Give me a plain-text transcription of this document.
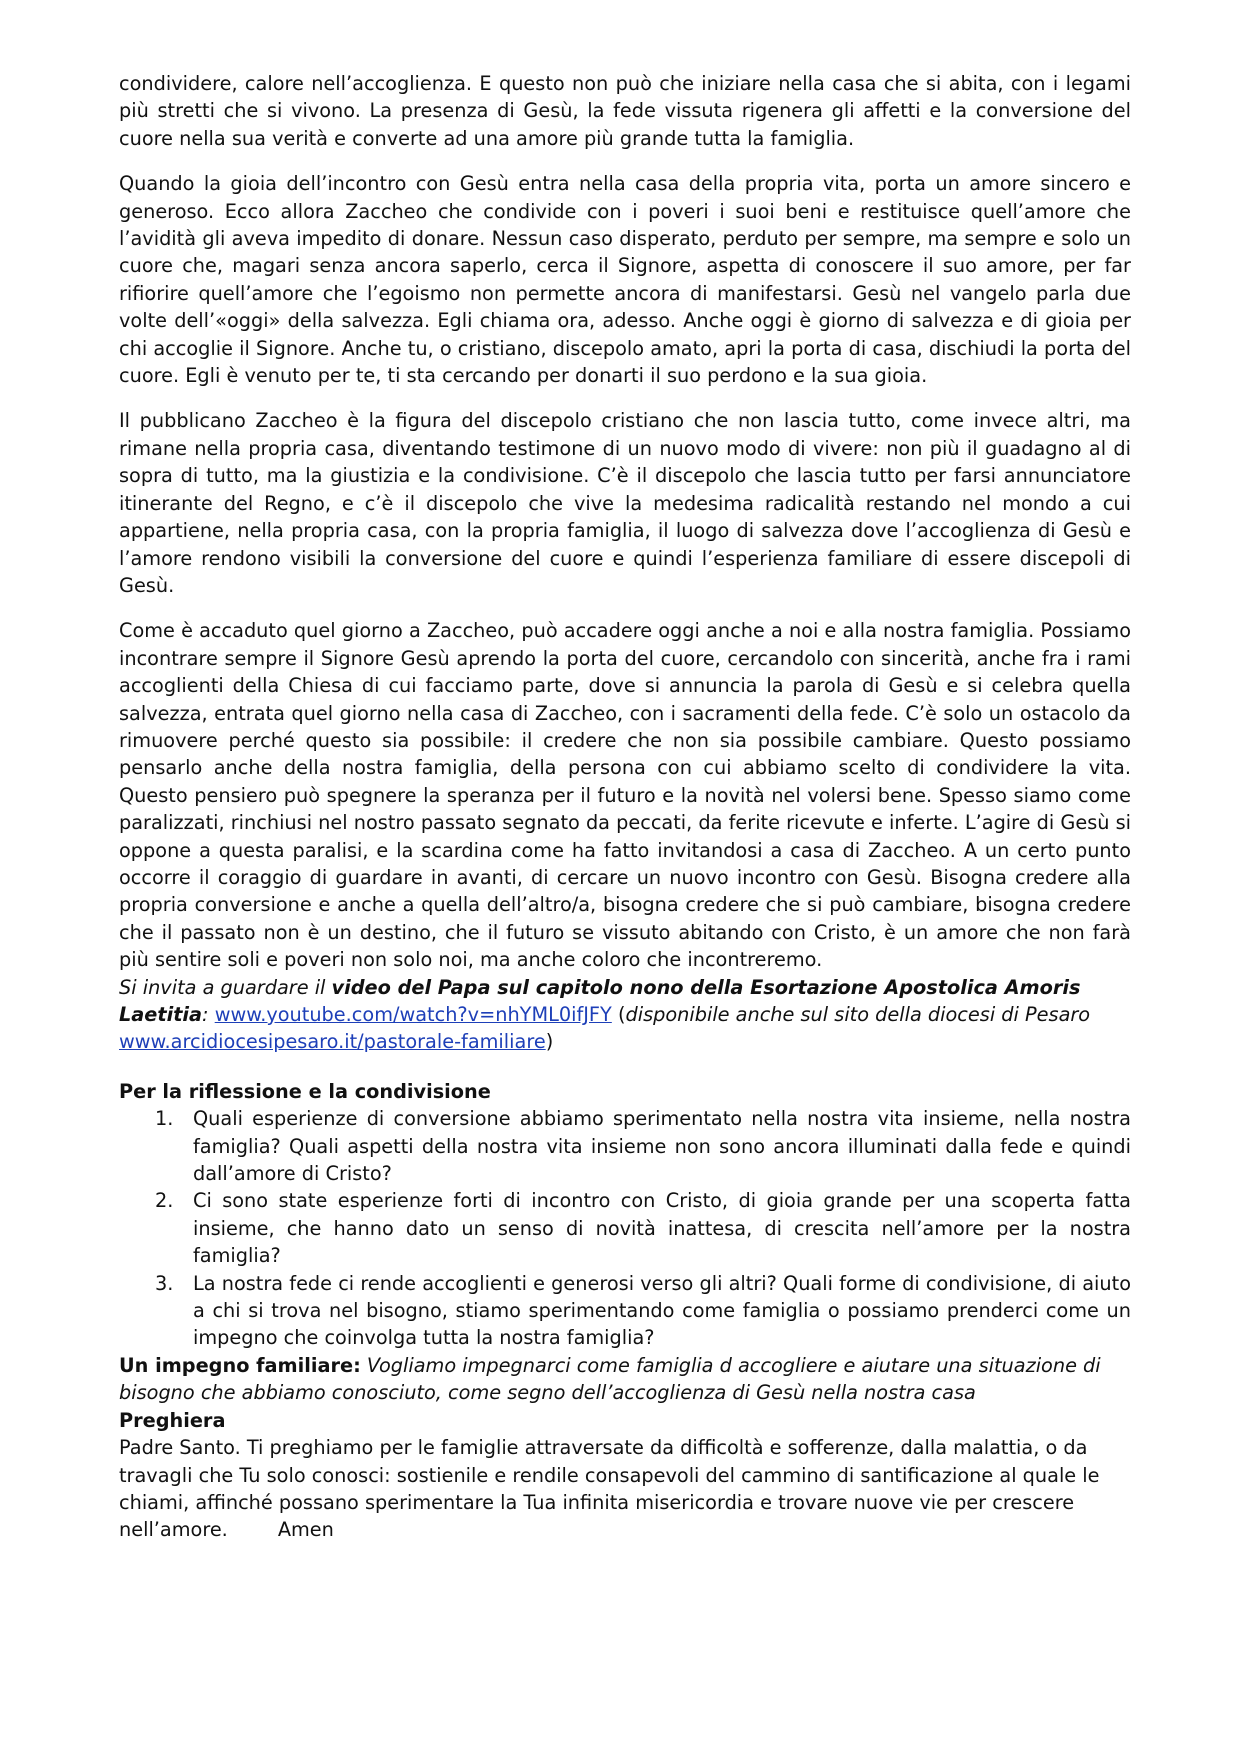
condividere, calore nell’accoglienza. E questo non può che iniziare nella casa che si abita, con i legami più stretti che si vivono. La presenza di Gesù, la fede vissuta rigenera gli affetti e la conversione del cuore nella sua verità e converte ad una amore più grande tutta la famiglia.

Quando la gioia dell’incontro con Gesù entra nella casa della propria vita, porta un amore sincero e generoso. Ecco allora Zaccheo che condivide con i poveri i suoi beni e restituisce quell’amore che l’avidità gli aveva impedito di donare. Nessun caso disperato, perduto per sempre, ma sempre e solo un cuore che, magari senza ancora saperlo, cerca il Signore, aspetta di conoscere il suo amore, per far rifiorire quell’amore che l’egoismo non permette ancora di manifestarsi. Gesù nel vangelo parla due volte dell’«oggi» della salvezza. Egli chiama ora, adesso. Anche oggi è giorno di salvezza e di gioia per chi accoglie il Signore. Anche tu, o cristiano, discepolo amato, apri la porta di casa, dischiudi la porta del cuore. Egli è venuto per te, ti sta cercando per donarti il suo perdono e la sua gioia.

Il pubblicano Zaccheo è la figura del discepolo cristiano che non lascia tutto, come invece altri, ma rimane nella propria casa, diventando testimone di un nuovo modo di vivere: non più il guadagno al di sopra di tutto, ma la giustizia e la condivisione. C’è il discepolo che lascia tutto per farsi annunciatore itinerante del Regno, e c’è il discepolo che vive la medesima radicalità restando nel mondo a cui appartiene, nella propria casa, con la propria famiglia, il luogo di salvezza dove l’accoglienza di Gesù e l’amore rendono visibili la conversione del cuore e quindi l’esperienza familiare di essere discepoli di Gesù.

Come è accaduto quel giorno a Zaccheo, può accadere oggi anche a noi e alla nostra famiglia. Possiamo incontrare sempre il Signore Gesù aprendo la porta del cuore, cercandolo con sincerità, anche fra i rami accoglienti della Chiesa di cui facciamo parte, dove si annuncia la parola di Gesù e si celebra quella salvezza, entrata quel giorno nella casa di Zaccheo, con i sacramenti della fede. C’è solo un ostacolo da rimuovere perché questo sia possibile: il credere che non sia possibile cambiare. Questo possiamo pensarlo anche della nostra famiglia, della persona con cui abbiamo scelto di condividere la vita. Questo pensiero può spegnere la speranza per il futuro e la novità nel volersi bene. Spesso siamo come paralizzati, rinchiusi nel nostro passato segnato da peccati, da ferite ricevute e inferte. L’agire di Gesù si oppone a questa paralisi, e la scardina come ha fatto invitandosi a casa di Zaccheo. A un certo punto occorre il coraggio di guardare in avanti, di cercare un nuovo incontro con Gesù. Bisogna credere alla propria conversione e anche a quella dell’altro/a, bisogna credere che si può cambiare, bisogna credere che il passato non è un destino, che il futuro se vissuto abitando con Cristo, è un amore che non farà più sentire soli e poveri non solo noi, ma anche coloro che incontreremo.

Si invita a guardare il video del Papa sul capitolo nono della Esortazione Apostolica Amoris Laetitia: www.youtube.com/watch?v=nhYML0ifJFY (disponibile anche sul sito della diocesi di Pesaro www.arcidiocesipesaro.it/pastorale-familiare)

Per la riflessione e la condivisione

1. Quali esperienze di conversione abbiamo sperimentato nella nostra vita insieme, nella nostra famiglia? Quali aspetti della nostra vita insieme non sono ancora illuminati dalla fede e quindi dall’amore di Cristo?
2. Ci sono state esperienze forti di incontro con Cristo, di gioia grande per una scoperta fatta insieme, che hanno dato un senso di novità inattesa, di crescita nell’amore per la nostra famiglia?
3. La nostra fede ci rende accoglienti e generosi verso gli altri? Quali forme di condivisione, di aiuto a chi si trova nel bisogno, stiamo sperimentando come famiglia o possiamo prenderci come un impegno che coinvolga tutta la nostra famiglia?

Un impegno familiare: Vogliamo impegnarci come famiglia d accogliere e aiutare una situazione di bisogno che abbiamo conosciuto, come segno dell’accoglienza di Gesù nella nostra casa

Preghiera

Padre Santo. Ti preghiamo per le famiglie attraversate da difficoltà e sofferenze, dalla malattia, o da travagli che Tu solo conosci: sostienile e rendile consapevoli del cammino di santificazione al quale le chiami, affinché possano sperimentare la Tua infinita misericordia e trovare nuove vie per crescere nell’amore.	Amen
